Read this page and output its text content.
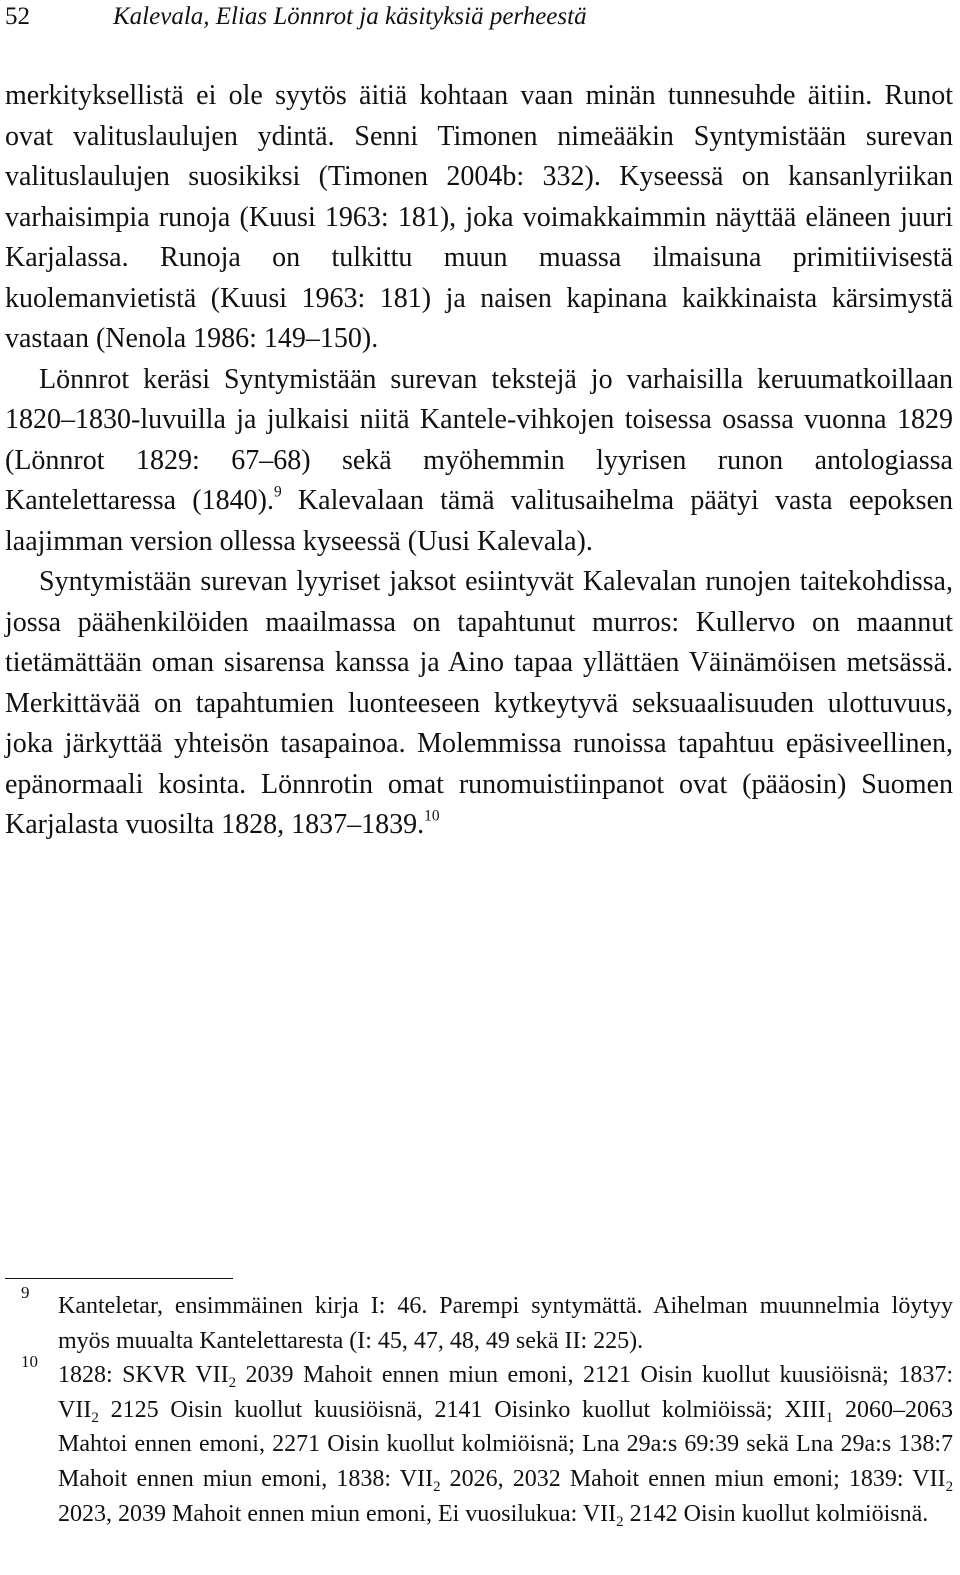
52	Kalevala, Elias Lönnrot ja käsityksiä perheestä

merkityksellistä ei ole syytös äitiä kohtaan vaan minän tunnesuhde äitiin. Runot ovat valituslaulujen ydintä. Senni Timonen nimeääkin Syntymistään surevan valituslaulujen suosikiksi (Timonen 2004b: 332). Kyseessä on kansanlyriikan varhaisimpia runoja (Kuusi 1963: 181), joka voimakkaimmin näyttää eläneen juuri Karjalassa. Runoja on tulkittu muun muassa ilmaisuna primitiivisestä kuolemanvietistä (Kuusi 1963: 181) ja naisen kapinana kaikkinaista kärsimystä vastaan (Nenola 1986: 149–150).

Lönnrot keräsi Syntymistään surevan tekstejä jo varhaisilla keruumatkoillaan 1820–1830-luvuilla ja julkaisi niitä Kantele-vihkojen toisessa osassa vuonna 1829 (Lönnrot 1829: 67–68) sekä myöhemmin lyyrisen runon antologiassa Kantelettaressa (1840).$^9$ Kalevalaan tämä valitusaihelma päätyi vasta eepoksen laajimman version ollessa kyseessä (Uusi Kalevala).

Syntymistään surevan lyyriset jaksot esiintyvät Kalevalan runojen taitekohdissa, jossa päähenkilöiden maailmassa on tapahtunut murros: Kullervo on maannut tietämättään oman sisarensa kanssa ja Aino tapaa yllättäen Väinämöisen metsässä. Merkittävää on tapahtumien luonteeseen kytkeytyvä seksuaalisuuden ulottuvuus, joka järkyttää yhteisön tasapainoa. Molemmissa runoissa tapahtuu epäsiveellinen, epänormaali kosinta. Lönnrotin omat runomuistiinpanot ovat (pääosin) Suomen Karjalasta vuosilta 1828, 1837–1839.10

9
Kanteletar, ensimmäinen kirja I: 46. Parempi syntymättä. Aihelman muunnelmia löytyy myös muualta Kantelettaresta (I: 45, 47, 48, 49 sekä II: 225).
10
1828: SKVR $VII_2$ 2039 Mahoit ennen miun emoni, 2121 Oisin kuollut kuusiöisnä; 1837: $VII_2$ 2125 Oisin kuollut kuusiöisnä, 2141 Oisinko kuollut kolmiöissä; $XIII_1$ 2060–2063 Mahtoi ennen emoni, 2271 Oisin kuollut kolmiöisnä; Lna 29a:s 69:39 sekä Lna 29a:s 138:7 Mahoit ennen miun emoni, 1838: $VII_2$ 2026, 2032 Mahoit ennen miun emoni; 1839: $VII_2$ 2023, 2039 Mahoit ennen miun emoni, Ei vuosilukua: $VII_2$ 2142 Oisin kuollut kolmiöisnä.
